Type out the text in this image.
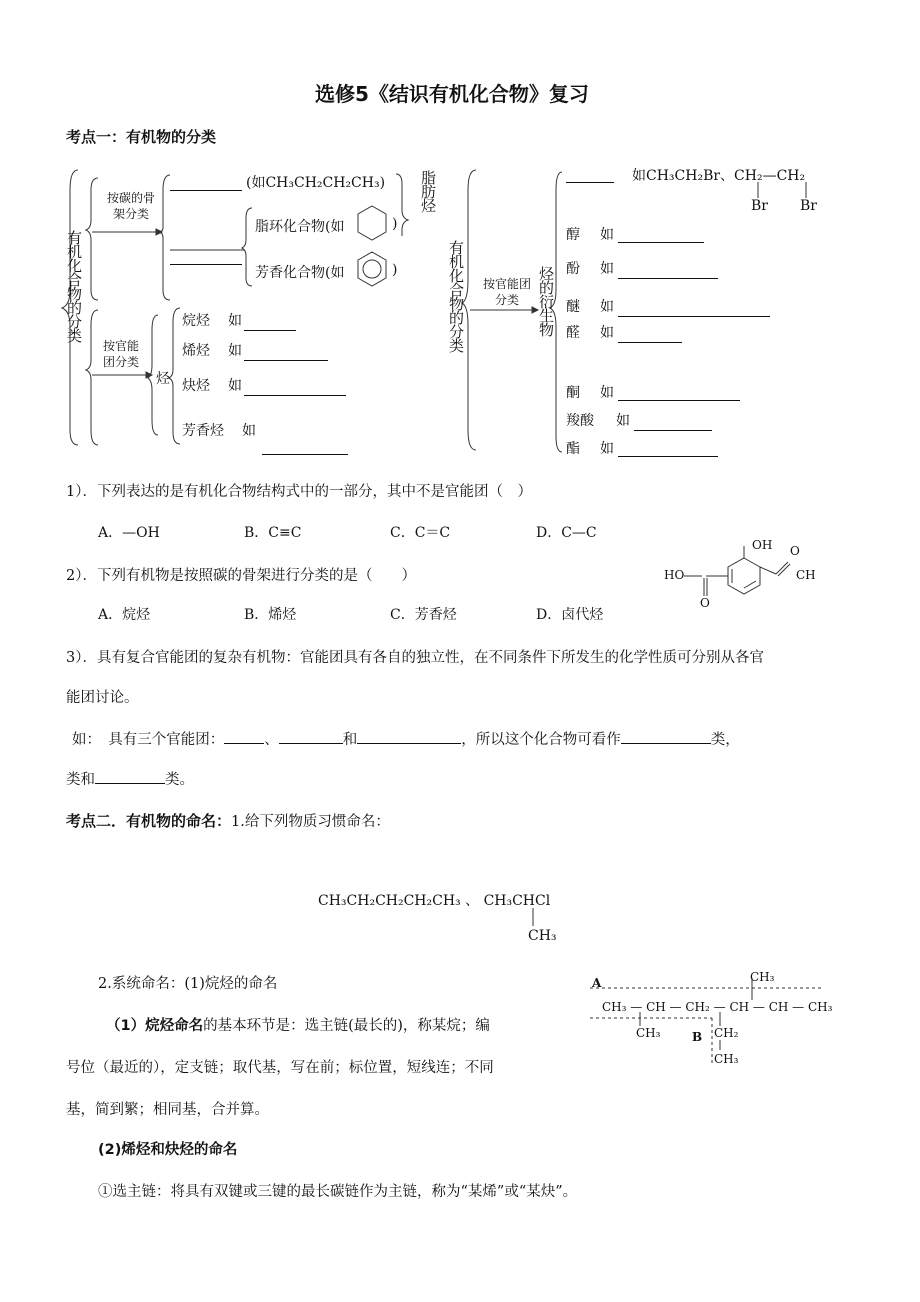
选修5《结识有机化合物》复习
考点一：有机物的分类
有机化合物的分类
按碳的骨架分类
(如CH₃CH₂CH₂CH₃)
脂环化合物(如	)
芳香化合物(如	)
脂肪烃
按官能团分类
烃
烷烃 如
烯烃 如
炔烃 如
芳香烃 如
有机化合物的分类 按官能团分类	烃的衍生物
如CH₃CH₂Br、CH₂—CH₂
Br Br
醇 如
酚 如
醚 如
醛 如
酮 如
羧酸 如
酯 如
1）．下列表达的是有机化合物结构式中的一部分，其中不是官能团（　）
A．—OH	B．C≡C	C．C＝C	D．C—C
2）．下列有机物是按照碳的骨架进行分类的是（　　）
A．烷烃	B．烯烃	C．芳香烃	D．卤代烃
OH
HO
O
O
CH
3）．具有复合官能团的复杂有机物：官能团具有各自的独立性，在不同条件下所发生的化学性质可分别从各官
能团讨论。
如：　具有三个官能团：	、	和	，所以这个化合物可看作	类，
类和	类。
考点二．有机物的命名：1.给下列物质习惯命名：
CH₃CH₂CH₂CH₂CH₃ 、 CH₃CHCl
CH₃
2.系统命名：(1)烷烃的命名
（1）烷烃命名的基本环节是：选主链(最长的)，称某烷；编
号位（最近的），定支链；取代基，写在前；标位置，短线连；不同
基，简到繁；相同基，合并算。
(2)烯烃和炔烃的命名
①选主链：将具有双键或三键的最长碳链作为主链，称为“某烯”或“某炔”。
A	CH₃
CH₃ — CH — CH₂ — CH — CH — CH₃
CH₃	B CH₂
CH₃
